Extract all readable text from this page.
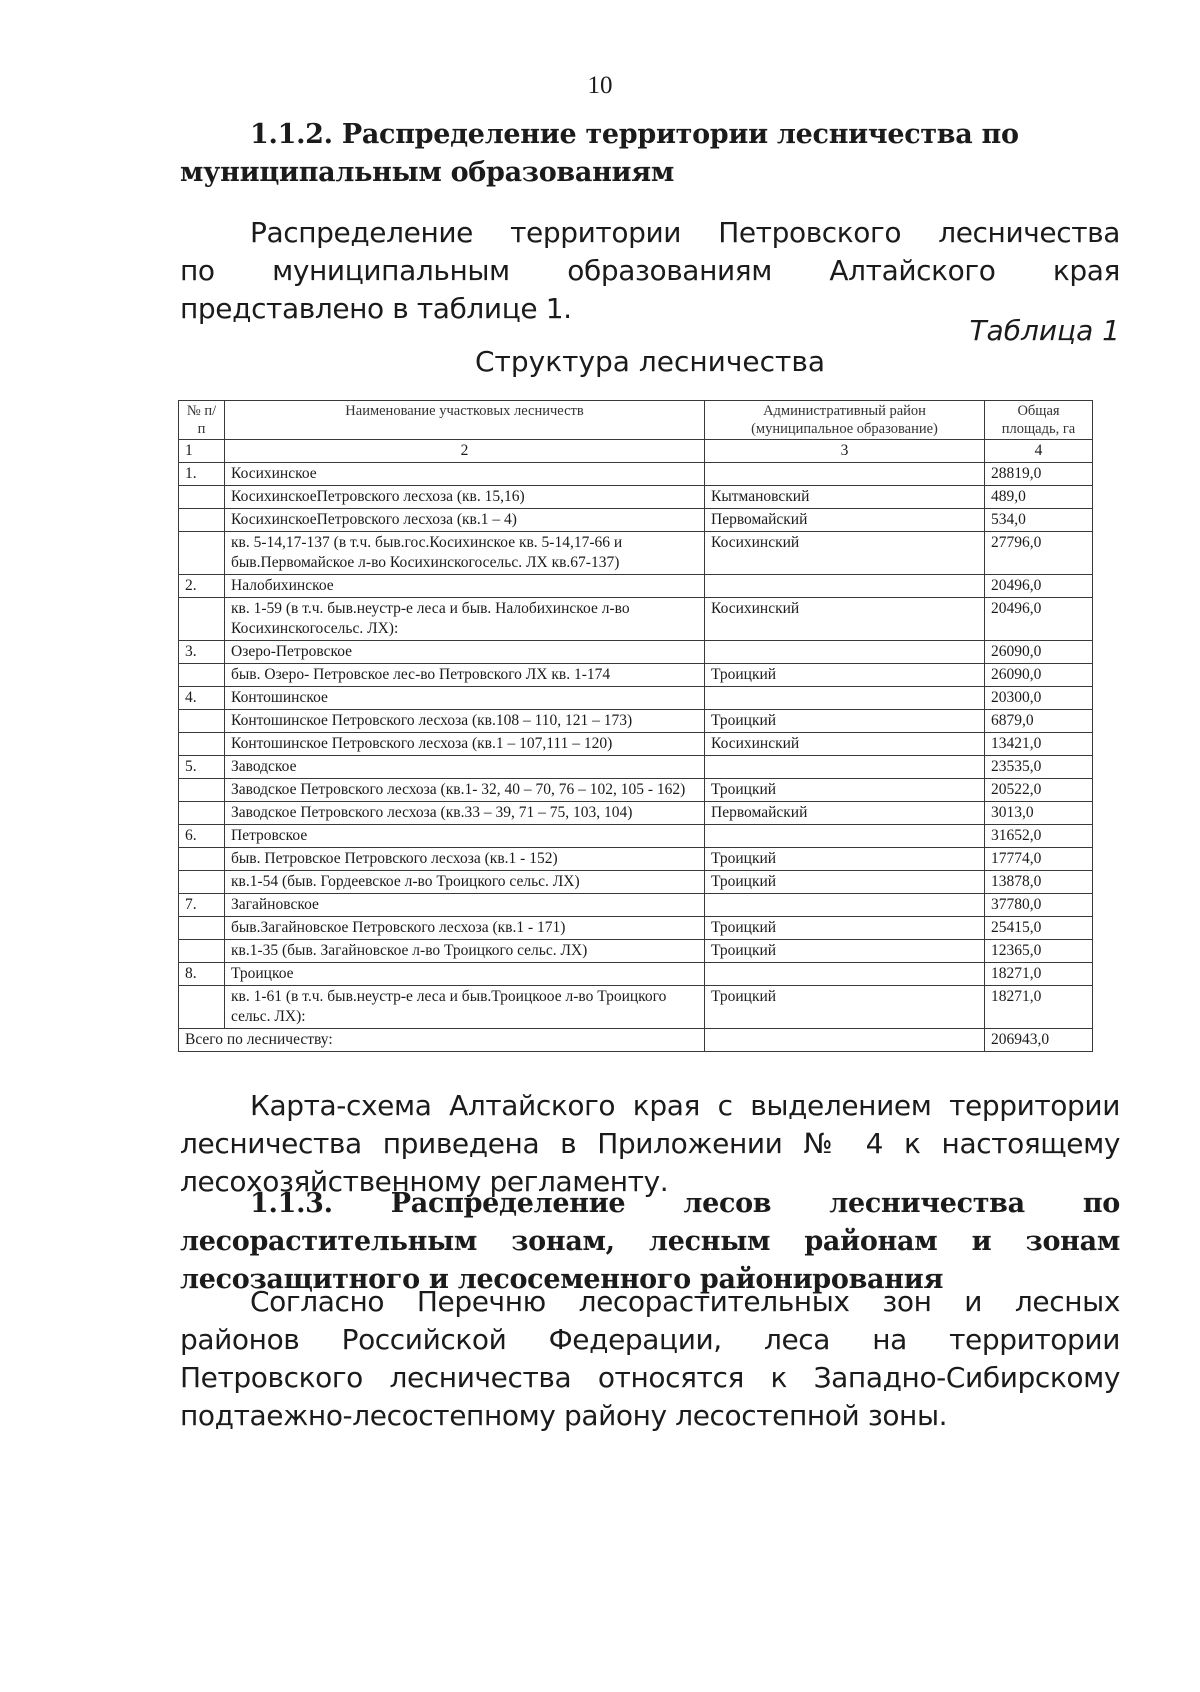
10
1.1.2. Распределение территории лесничества по муниципальным образованиям
Распределение территории Петровского лесничества
по муниципальным образованиям Алтайского края представлено в таблице 1.
Таблица 1
Структура лесничества
№ п/п	Наименование участковых лесничеств	Административный район (муниципальное образование)	Общая площадь, га
1	2	3	4
1.	Косихинское		28819,0
	КосихинскоеПетровского лесхоза (кв. 15,16)	Кытмановский	489,0
	КосихинскоеПетровского лесхоза (кв.1 – 4)	Первомайский	534,0
	кв. 5-14,17-137 (в т.ч. быв.гос.Косихинское кв. 5-14,17-66 и быв.Первомайское л-во Косихинскогосельс. ЛХ кв.67-137)	Косихинский	27796,0
2.	Налобихинское		20496,0
	кв. 1-59 (в т.ч. быв.неустр-е леса и быв. Налобихинское л-во Косихинскогосельс. ЛХ):	Косихинский	20496,0
3.	Озеро-Петровское		26090,0
	быв. Озеро- Петровское лес-во Петровского ЛХ кв. 1-174	Троицкий	26090,0
4.	Контошинское		20300,0
	Контошинское Петровского лесхоза (кв.108 – 110, 121 – 173)	Троицкий	6879,0
	Контошинское Петровского лесхоза (кв.1 – 107,111 – 120)	Косихинский	13421,0
5.	Заводское		23535,0
	Заводское Петровского лесхоза (кв.1- 32, 40 – 70, 76 – 102, 105 - 162)	Троицкий	20522,0
	Заводское Петровского лесхоза (кв.33 – 39, 71 – 75, 103, 104)	Первомайский	3013,0
6.	Петровское		31652,0
	быв. Петровское Петровского лесхоза (кв.1 - 152)	Троицкий	17774,0
	кв.1-54 (быв. Гордеевское л-во Троицкого сельс. ЛХ)	Троицкий	13878,0
7.	Загайновское		37780,0
	быв.Загайновское Петровского лесхоза (кв.1 - 171)	Троицкий	25415,0
	кв.1-35 (быв. Загайновское л-во Троицкого сельс. ЛХ)	Троицкий	12365,0
8.	Троицкое		18271,0
	кв. 1-61 (в т.ч. быв.неустр-е леса и быв.Троицкоое л-во Троицкого сельс. ЛХ):	Троицкий	18271,0
Всего по лесничеству:			206943,0
Карта-схема Алтайского края с выделением территории лесничества приведена в Приложении № 4 к настоящему лесохозяйственному регламенту.
1.1.3. Распределение лесов лесничества по лесорастительным зонам, лесным районам и зонам лесозащитного и лесосеменного районирования
Согласно Перечню лесорастительных зон и лесных районов Российской Федерации, леса на территории Петровского лесничества относятся к Западно-Сибирскому подтаежно-лесостепному району лесостепной зоны.
